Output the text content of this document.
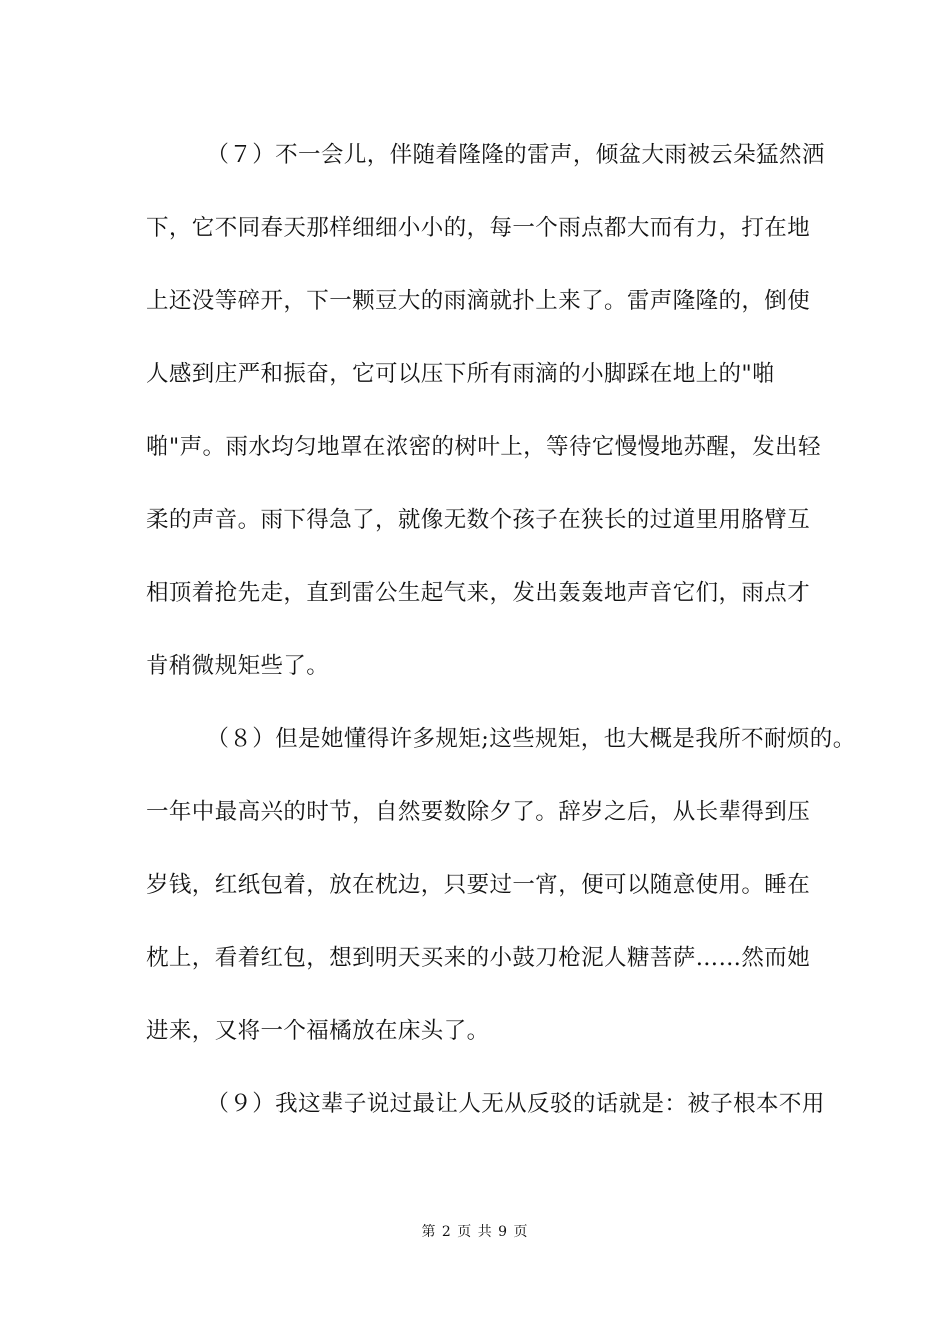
（７）不一会儿，伴随着隆隆的雷声，倾盆大雨被云朵猛然洒
下，它不同春天那样细细小小的，每一个雨点都大而有力，打在地
上还没等碎开，下一颗豆大的雨滴就扑上来了。雷声隆隆的，倒使
人感到庄严和振奋，它可以压下所有雨滴的小脚踩在地上的"啪
啪"声。雨水均匀地罩在浓密的树叶上，等待它慢慢地苏醒，发出轻
柔的声音。雨下得急了，就像无数个孩子在狭长的过道里用胳臂互
相顶着抢先走，直到雷公生起气来，发出轰轰地声音它们，雨点才
肯稍微规矩些了。
（８）但是她懂得许多规矩;这些规矩，也大概是我所不耐烦的。
一年中最高兴的时节，自然要数除夕了。辞岁之后，从长辈得到压
岁钱，红纸包着，放在枕边，只要过一宵，便可以随意使用。睡在
枕上，看着红包，想到明天买来的小鼓刀枪泥人糖菩萨……然而她
进来，又将一个福橘放在床头了。
（９）我这辈子说过最让人无从反驳的话就是：被子根本不用
第 2 页 共 9 页
